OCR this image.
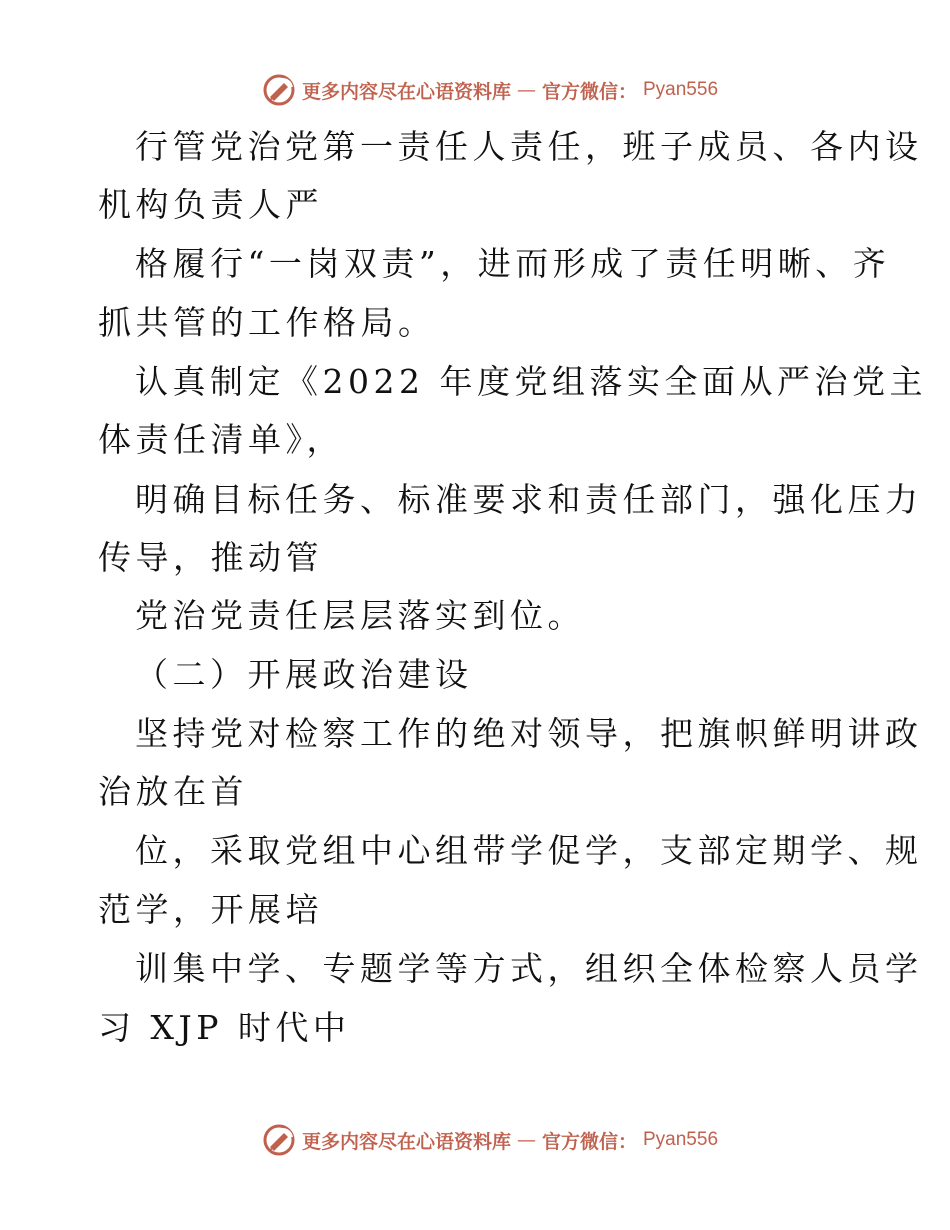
更多内容尽在心语资料库 — 官方微信： Pyan556
行管党治党第一责任人责任，班子成员、各内设
机构负责人严
格履行“一岗双责”，进而形成了责任明晰、齐
抓共管的工作格局。
认真制定《2022 年度党组落实全面从严治党主
体责任清单》，
明确目标任务、标准要求和责任部门，强化压力
传导，推动管
党治党责任层层落实到位。
（二）开展政治建设
坚持党对检察工作的绝对领导，把旗帜鲜明讲政
治放在首
位，采取党组中心组带学促学，支部定期学、规
范学，开展培
训集中学、专题学等方式，组织全体检察人员学
习 XJP 时代中
更多内容尽在心语资料库 — 官方微信： Pyan556
